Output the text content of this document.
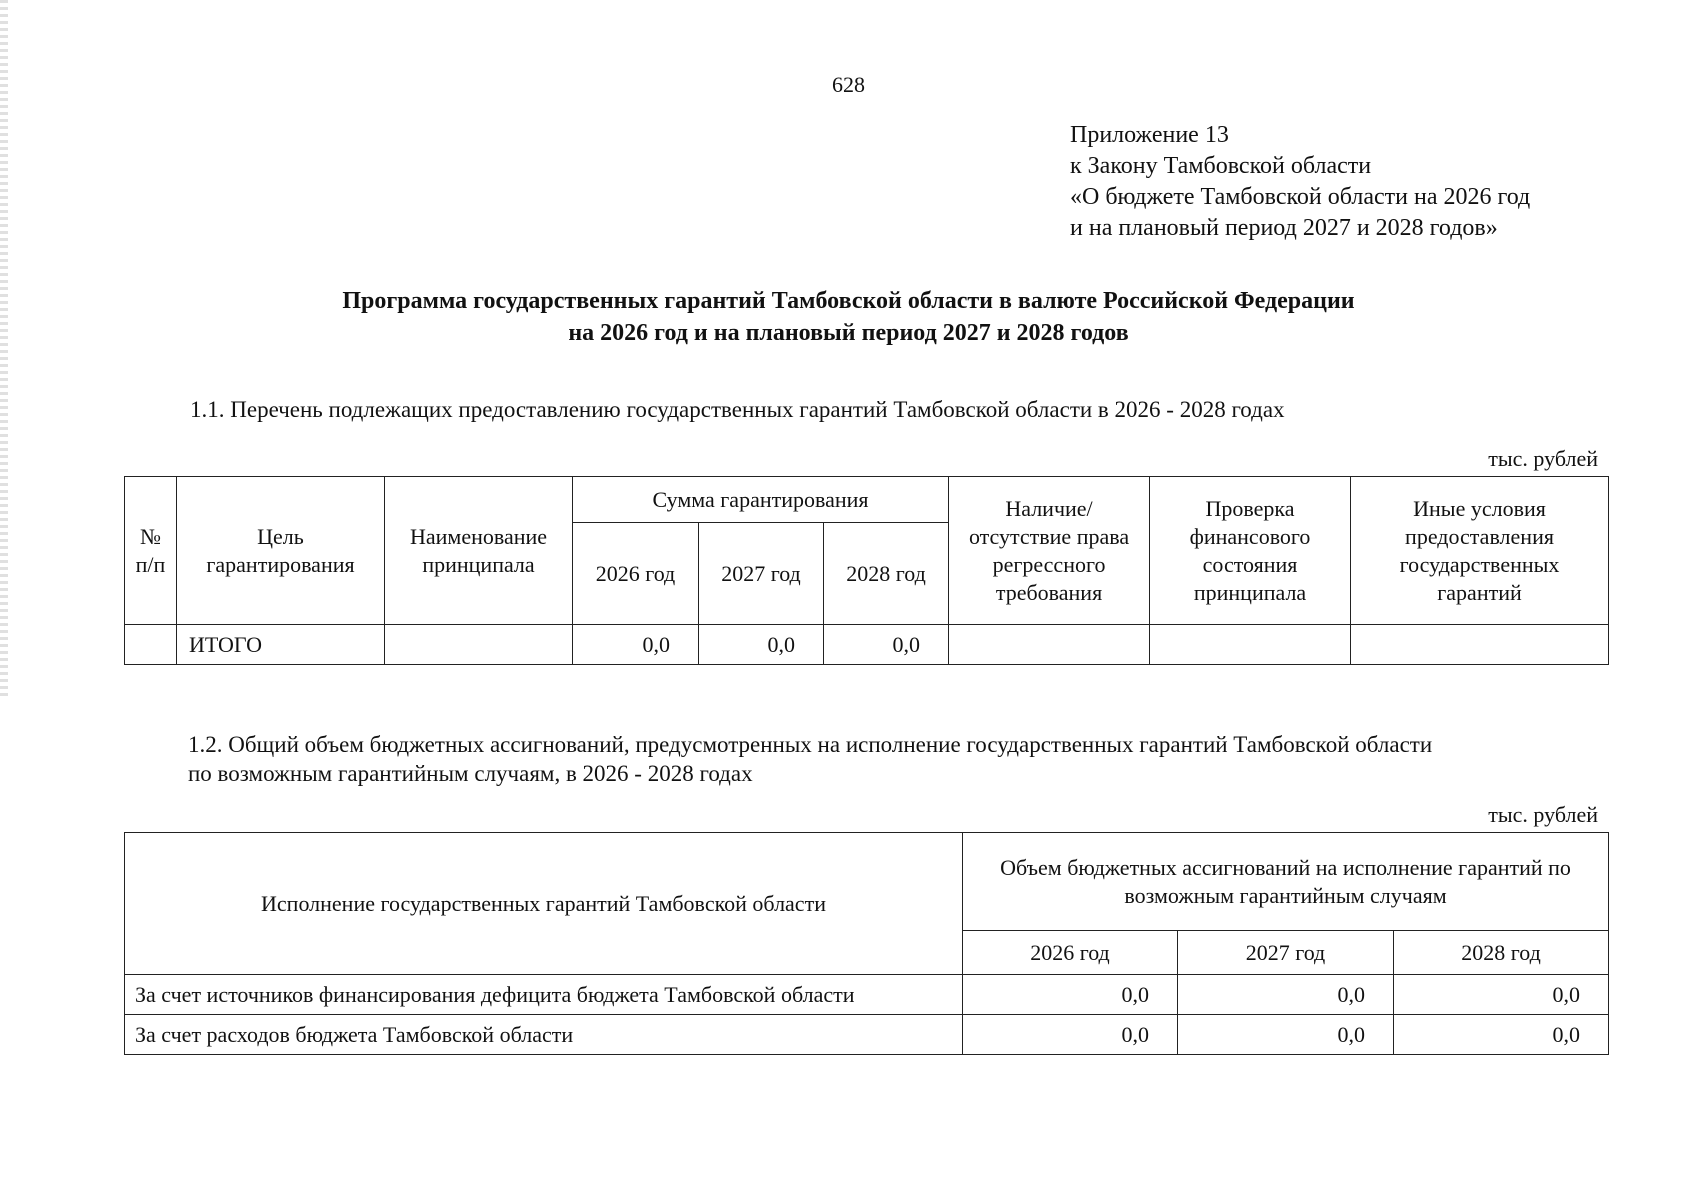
628
Приложение 13
к Закону Тамбовской области
«О бюджете Тамбовской области на 2026 год
и на плановый период 2027 и 2028 годов»
Программа государственных гарантий Тамбовской области в валюте Российской Федерации
на 2026 год и на плановый период 2027 и 2028 годов
1.1. Перечень подлежащих предоставлению государственных гарантий Тамбовской области в 2026 - 2028 годах
тыс. рублей
№ п/п	Цель гарантирования	Наименование принципала	Сумма гарантирования			Наличие/ отсутствие права регрессного требования	Проверка финансового состояния принципала	Иные условия предоставления государственных гарантий
			2026 год	2027 год	2028 год			
	ИТОГО		0,0	0,0	0,0			
1.2. Общий объем бюджетных ассигнований, предусмотренных на исполнение государственных гарантий Тамбовской области
по возможным гарантийным случаям, в 2026 - 2028 годах
тыс. рублей
Исполнение государственных гарантий Тамбовской области	Объем бюджетных ассигнований на исполнение гарантий по возможным гарантийным случаям		
	2026 год	2027 год	2028 год
За счет источников финансирования дефицита бюджета Тамбовской области	0,0	0,0	0,0
За счет расходов бюджета Тамбовской области	0,0	0,0	0,0
